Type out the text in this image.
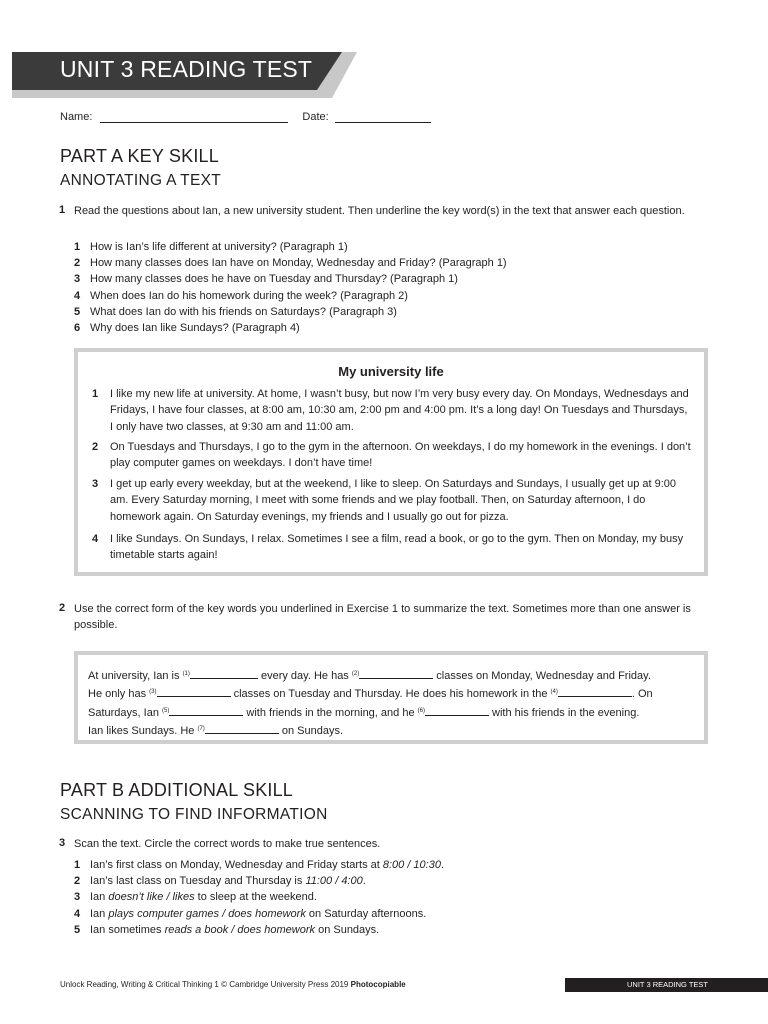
UNIT 3 READING TEST
Name:	Date:
PART A KEY SKILL
ANNOTATING A TEXT
1 Read the questions about Ian, a new university student. Then underline the key word(s) in the text that answer each question.
1 How is Ian’s life different at university? (Paragraph 1)
2 How many classes does Ian have on Monday, Wednesday and Friday? (Paragraph 1)
3 How many classes does he have on Tuesday and Thursday? (Paragraph 1)
4 When does Ian do his homework during the week? (Paragraph 2)
5 What does Ian do with his friends on Saturdays? (Paragraph 3)
6 Why does Ian like Sundays? (Paragraph 4)
My university life
1	I like my new life at university. At home, I wasn’t busy, but now I’m very busy every day. On Mondays, Wednesdays and Fridays, I have four classes, at 8:00 am, 10:30 am, 2:00 pm and 4:00 pm. It’s a long day! On Tuesdays and Thursdays, I only have two classes, at 9:30 am and 11:00 am.
2	On Tuesdays and Thursdays, I go to the gym in the afternoon. On weekdays, I do my homework in the evenings. I don’t play computer games on weekdays. I don’t have time!
3	I get up early every weekday, but at the weekend, I like to sleep. On Saturdays and Sundays, I usually get up at 9:00 am. Every Saturday morning, I meet with some friends and we play football. Then, on Saturday afternoon, I do homework again. On Saturday evenings, my friends and I usually go out for pizza.
4	I like Sundays. On Sundays, I relax. Sometimes I see a film, read a book, or go to the gym. Then on Monday, my busy timetable starts again!
2 Use the correct form of the key words you underlined in Exercise 1 to summarize the text. Sometimes more than one answer is possible.
At university, Ian is $^{(1)}$	every day. He has $^{(2)}$	classes on Monday, Wednesday and Friday.
He only has $^{(3)}$	classes on Tuesday and Thursday. He does his homework in the $^{(4)}$	. On
Saturdays, Ian $^{(5)}$	with friends in the morning, and he $^{(6)}$	with his friends in the evening.
Ian likes Sundays. He $^{(7)}$	on Sundays.
PART B ADDITIONAL SKILL
SCANNING TO FIND INFORMATION
3 Scan the text. Circle the correct words to make true sentences.
1 Ian’s first class on Monday, Wednesday and Friday starts at 8:00 / 10:30.
2 Ian’s last class on Tuesday and Thursday is 11:00 / 4:00.
3 Ian doesn’t like / likes to sleep at the weekend.
4 Ian plays computer games / does homework on Saturday afternoons.
5 Ian sometimes reads a book / does homework on Sundays.
Unlock Reading, Writing & Critical Thinking 1 © Cambridge University Press 2019 Photocopiable	UNIT 3 READING TEST
